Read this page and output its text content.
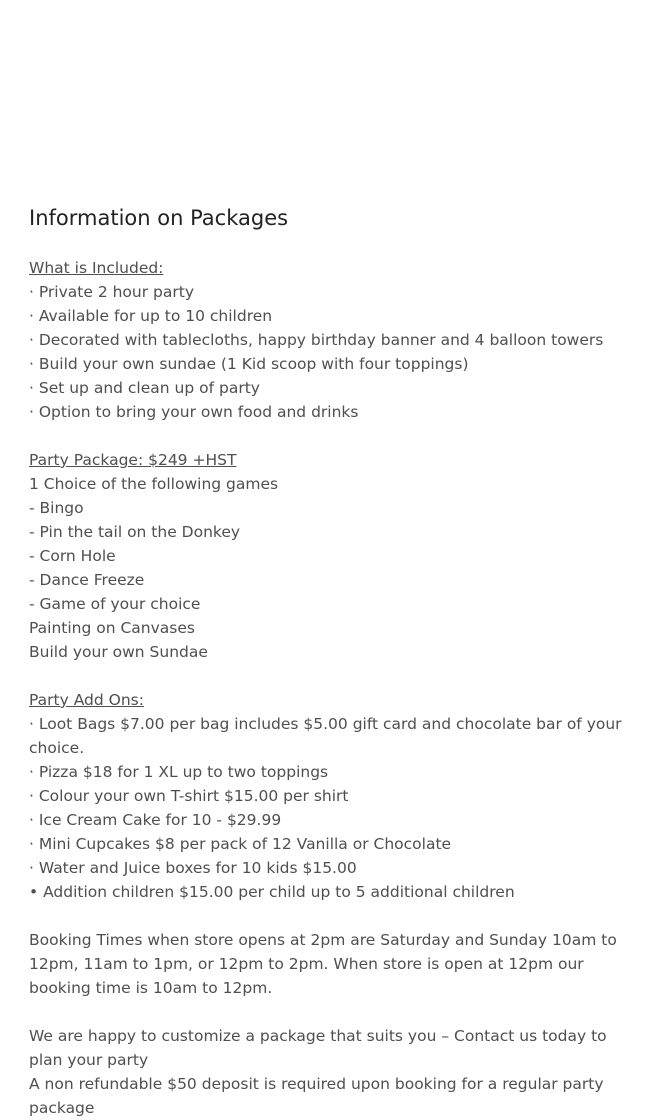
Information on Packages
What is Included:
· Private 2 hour party
· Available for up to 10 children
· Decorated with tablecloths, happy birthday banner and 4 balloon towers
· Build your own sundae (1 Kid scoop with four toppings)
· Set up and clean up of party
· Option to bring your own food and drinks
Party Package: $249 +HST
1 Choice of the following games
- Bingo
- Pin the tail on the Donkey
- Corn Hole
- Dance Freeze
- Game of your choice
Painting on Canvases
Build your own Sundae
Party Add Ons:
· Loot Bags $7.00 per bag includes $5.00 gift card and chocolate bar of your choice.
· Pizza $18 for 1 XL up to two toppings
· Colour your own T-shirt $15.00 per shirt
· Ice Cream Cake for 10 - $29.99
· Mini Cupcakes $8 per pack of 12 Vanilla or Chocolate
· Water and Juice boxes for 10 kids $15.00
• Addition children $15.00 per child up to 5 additional children
Booking Times when store opens at 2pm are Saturday and Sunday 10am to 12pm, 11am to 1pm, or 12pm to 2pm. When store is open at 12pm our booking time is 10am to 12pm.
We are happy to customize a package that suits you – Contact us today to plan your party
A non refundable $50 deposit is required upon booking for a regular party package
